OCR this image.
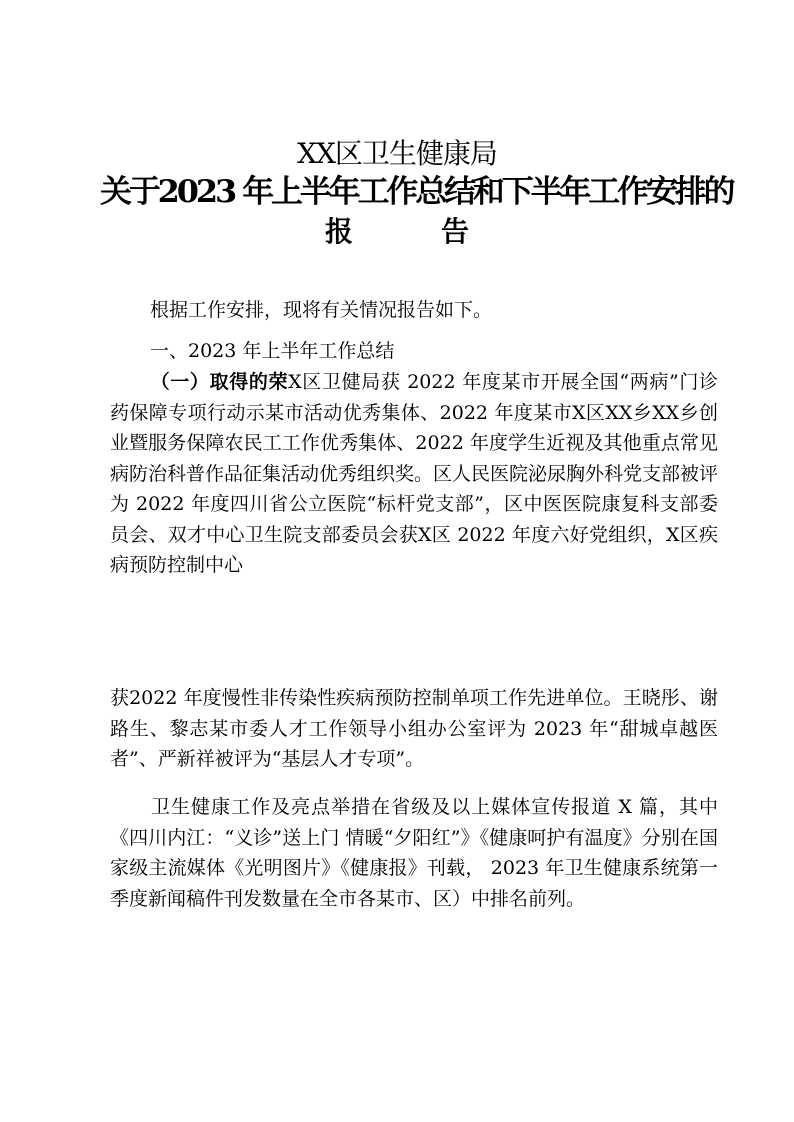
XX区卫生健康局
关于2023 年上半年工作总结和下半年工作安排的
报　告

根据工作安排，现将有关情况报告如下。

一、2023 年上半年工作总结

（一）取得的荣X区卫健局获 2022 年度某市开展全国“两病”门诊药保障专项行动示某市活动优秀集体、2022 年度某市X区XX乡XX乡创业暨服务保障农民工工作优秀集体、2022 年度学生近视及其他重点常见病防治科普作品征集活动优秀组织奖。区人民医院泌尿胸外科党支部被评为 2022 年度四川省公立医院“标杆党支部”，区中医医院康复科支部委员会、双才中心卫生院支部委员会获X区 2022 年度六好党组织，X区疾病预防控制中心

获2022 年度慢性非传染性疾病预防控制单项工作先进单位。王晓彤、谢路生、黎志某市委人才工作领导小组办公室评为 2023 年“甜城卓越医者”、严新祥被评为“基层人才专项”。

卫生健康工作及亮点举措在省级及以上媒体宣传报道 X 篇，其中《四川内江：“义诊”送上门 情暖“夕阳红”》《健康呵护有温度》分别在国家级主流媒体《光明图片》《健康报》刊载， 2023 年卫生健康系统第一季度新闻稿件刊发数量在全市各某市、区）中排名前列。
